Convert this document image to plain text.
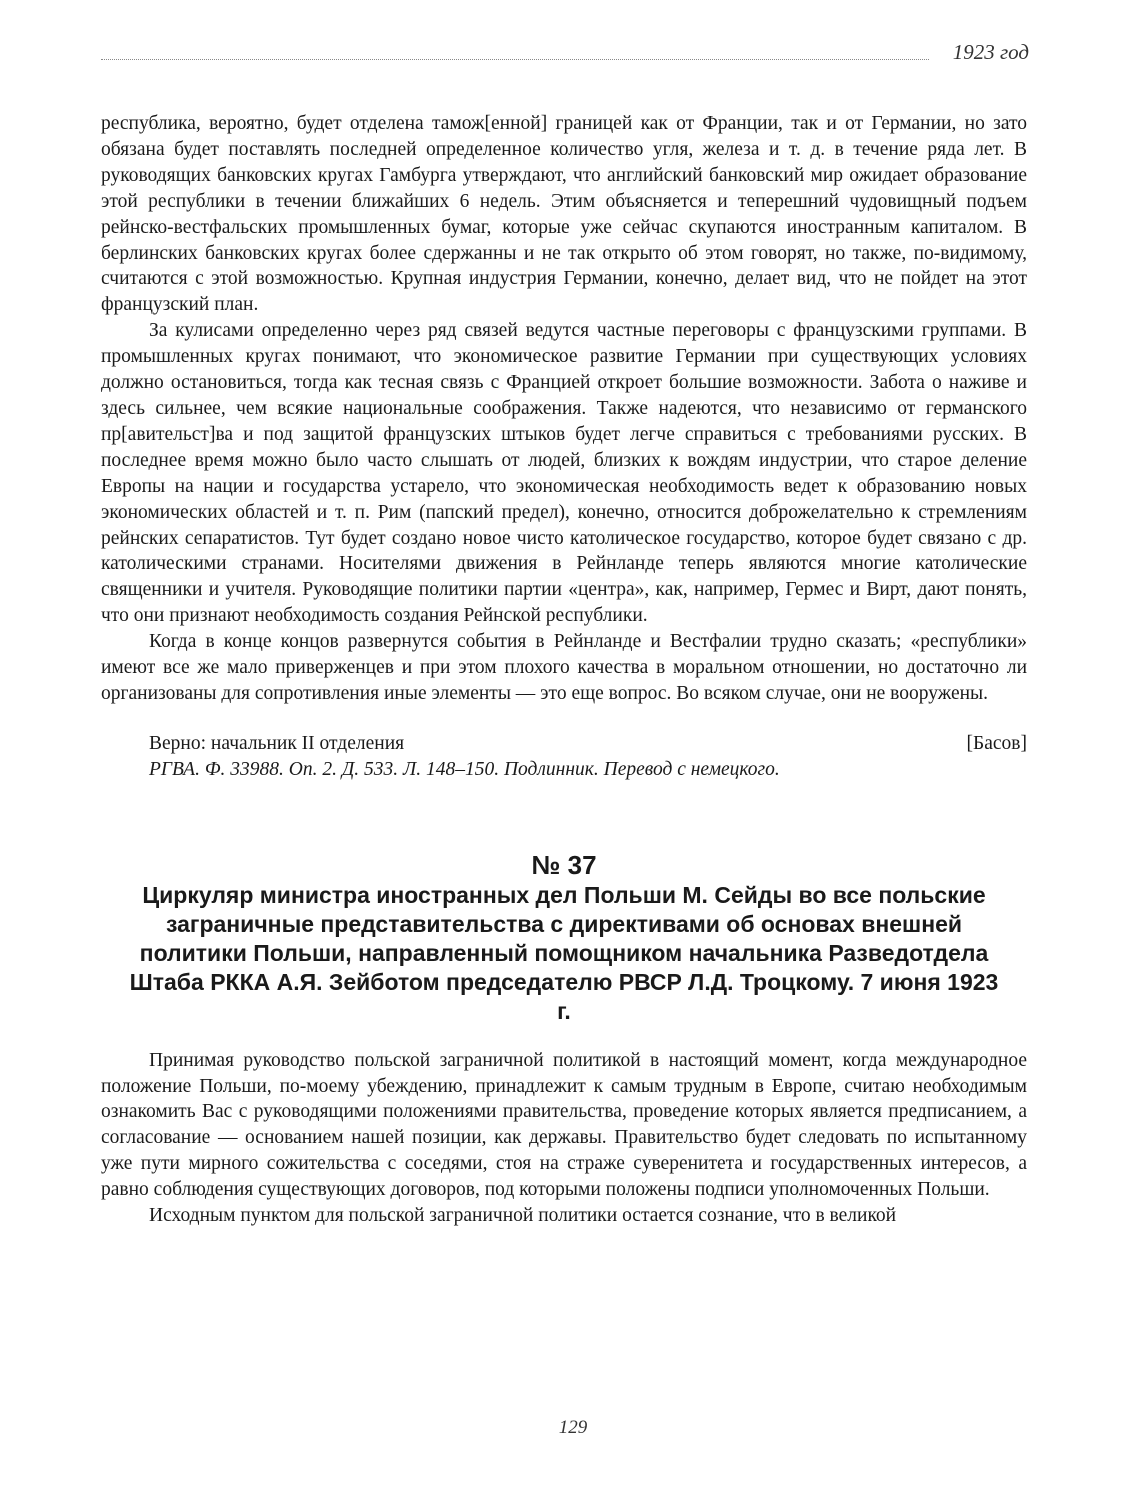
1923 год

республика, вероятно, будет отделена тамож[енной] границей как от Франции, так и от Германии, но зато обязана будет поставлять последней определенное количество угля, железа и т. д. в течение ряда лет. В руководящих банковских кругах Гамбурга утверждают, что английский банковский мир ожидает образование этой республики в течении ближайших 6 недель. Этим объясняется и теперешний чудовищный подъем рейнско-вестфальских промышленных бумаг, которые уже сейчас скупаются иностранным капиталом. В берлинских банковских кругах более сдержанны и не так открыто об этом говорят, но также, по-видимому, считаются с этой возможностью. Крупная индустрия Германии, конечно, делает вид, что не пойдет на этот французский план.

За кулисами определенно через ряд связей ведутся частные переговоры с французскими группами. В промышленных кругах понимают, что экономическое развитие Германии при существующих условиях должно остановиться, тогда как тесная связь с Францией откроет большие возможности. Забота о наживе и здесь сильнее, чем всякие национальные соображения. Также надеются, что независимо от германского пр[авительст]ва и под защитой французских штыков будет легче справиться с требованиями русских. В последнее время можно было часто слышать от людей, близких к вождям индустрии, что старое деление Европы на нации и государства устарело, что экономическая необходимость ведет к образованию новых экономических областей и т. п. Рим (папский предел), конечно, относится доброжелательно к стремлениям рейнских сепаратистов. Тут будет создано новое чисто католическое государство, которое будет связано с др. католическими странами. Носителями движения в Рейнланде теперь являются многие католические священники и учителя. Руководящие политики партии «центра», как, например, Гермес и Вирт, дают понять, что они признают необходимость создания Рейнской республики.

Когда в конце концов развернутся события в Рейнланде и Вестфалии трудно сказать; «республики» имеют все же мало приверженцев и при этом плохого качества в моральном отношении, но достаточно ли организованы для сопротивления иные элементы — это еще вопрос. Во всяком случае, они не вооружены.

Верно: начальник II отделения	[Басов]

РГВА. Ф. 33988. Оп. 2. Д. 533. Л. 148–150. Подлинник. Перевод с немецкого.

№ 37
Циркуляр министра иностранных дел Польши М. Сейды во все польские заграничные представительства с директивами об основах внешней политики Польши, направленный помощником начальника Разведотдела Штаба РККА А.Я. Зейботом председателю РВСР Л.Д. Троцкому. 7 июня 1923 г.

Принимая руководство польской заграничной политикой в настоящий момент, когда международное положение Польши, по-моему убеждению, принадлежит к самым трудным в Европе, считаю необходимым ознакомить Вас с руководящими положениями правительства, проведение которых является предписанием, а согласование — основанием нашей позиции, как державы. Правительство будет следовать по испытанному уже пути мирного сожительства с соседями, стоя на страже суверенитета и государственных интересов, а равно соблюдения существующих договоров, под которыми положены подписи уполномоченных Польши.

Исходным пунктом для польской заграничной политики остается сознание, что в великой

129
